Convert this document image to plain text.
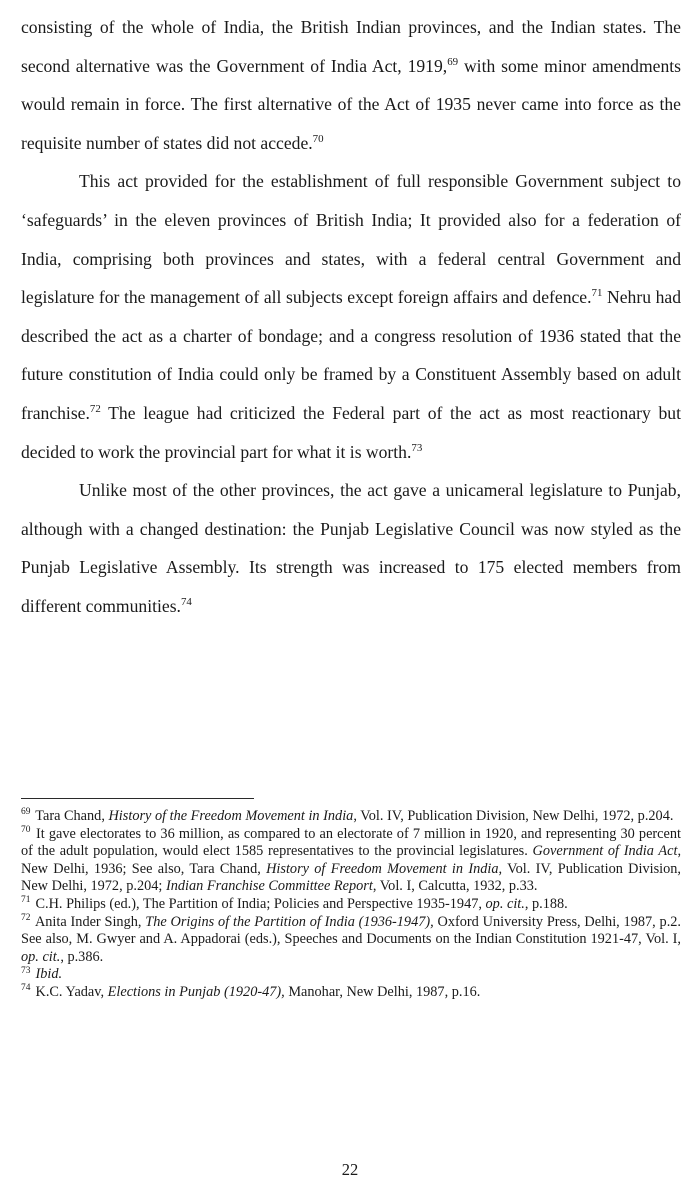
consisting of the whole of India, the British Indian provinces, and the Indian states. The second alternative was the Government of India Act, 1919,69 with some minor amendments would remain in force. The first alternative of the Act of 1935 never came into force as the requisite number of states did not accede.$^{70}$

This act provided for the establishment of full responsible Government subject to ‘safeguards’ in the eleven provinces of British India; It provided also for a federation of India, comprising both provinces and states, with a federal central Government and legislature for the management of all subjects except foreign affairs and defence.$^{71}$ Nehru had described the act as a charter of bondage; and a congress resolution of 1936 stated that the future constitution of India could only be framed by a Constituent Assembly based on adult franchise.$^{72}$ The league had criticized the Federal part of the act as most reactionary but decided to work the provincial part for what it is worth.$^{73}$

Unlike most of the other provinces, the act gave a unicameral legislature to Punjab, although with a changed destination: the Punjab Legislative Council was now styled as the Punjab Legislative Assembly. Its strength was increased to 175 elected members from different communities.$^{74}$

$^{69}$ Tara Chand, History of the Freedom Movement in India, Vol. IV, Publication Division, New Delhi, 1972, p.204.

$^{70}$ It gave electorates to 36 million, as compared to an electorate of 7 million in 1920, and representing 30 percent of the adult population, would elect 1585 representatives to the provincial legislatures. Government of India Act, New Delhi, 1936; See also, Tara Chand, History of Freedom Movement in India, Vol. IV, Publication Division, New Delhi, 1972, p.204; Indian Franchise Committee Report, Vol. I, Calcutta, 1932, p.33.

$^{71}$ C.H. Philips (ed.), The Partition of India; Policies and Perspective 1935-1947, op. cit., p.188.

$^{72}$ Anita Inder Singh, The Origins of the Partition of India (1936-1947), Oxford University Press, Delhi, 1987, p.2. See also, M. Gwyer and A. Appadorai (eds.), Speeches and Documents on the Indian Constitution 1921-47, Vol. I, op. cit., p.386.

$^{73}$ Ibid.

$^{74}$ K.C. Yadav, Elections in Punjab (1920-47), Manohar, New Delhi, 1987, p.16.

22
